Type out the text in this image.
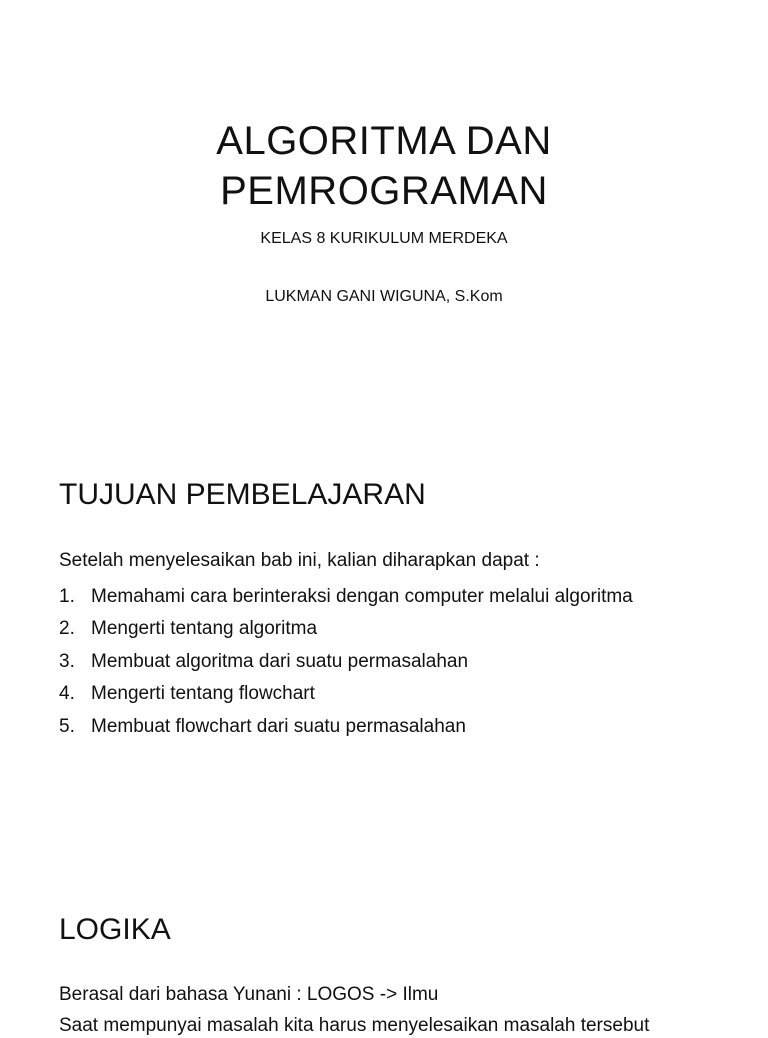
ALGORITMA DAN
PEMROGRAMAN

KELAS 8 KURIKULUM MERDEKA

LUKMAN GANI WIGUNA, S.Kom

TUJUAN PEMBELAJARAN

Setelah menyelesaikan bab ini, kalian diharapkan dapat :

1. Memahami cara berinteraksi dengan computer melalui algoritma
2. Mengerti tentang algoritma
3. Membuat algoritma dari suatu permasalahan
4. Mengerti tentang flowchart
5. Membuat flowchart dari suatu permasalahan
LOGIKA

Berasal dari bahasa Yunani : LOGOS -> Ilmu

Saat mempunyai masalah kita harus menyelesaikan masalah tersebut
